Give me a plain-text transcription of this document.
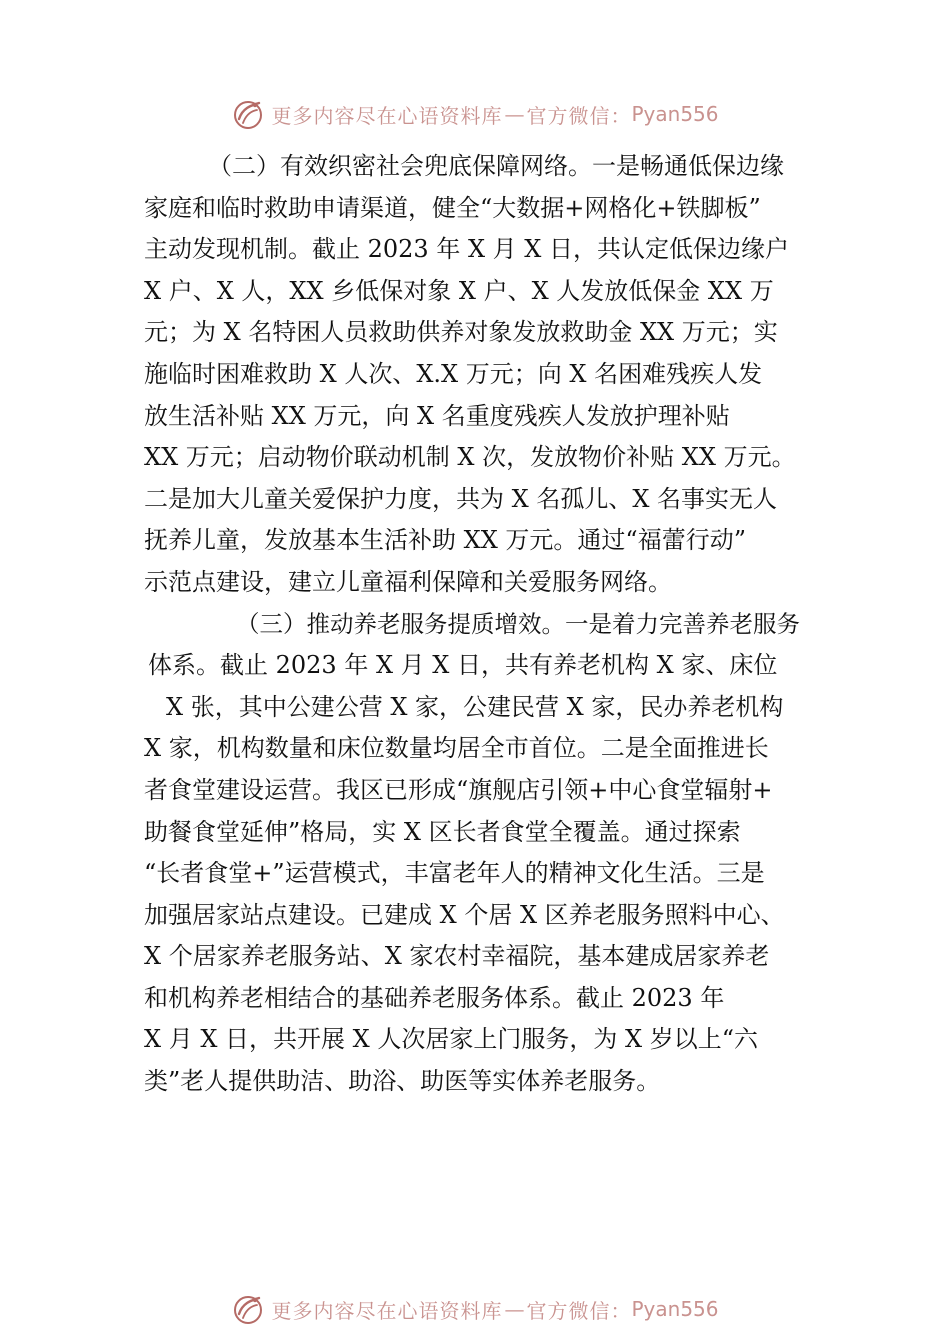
更多内容尽在心语资料库 — 官方微信： Pyan556
（二）有效织密社会兜底保障网络。一是畅通低保边缘
家庭和临时救助申请渠道，健全“大数据+网格化+铁脚板”
主动发现机制。截止 2023 年 X 月 X 日，共认定低保边缘户
X 户、X 人，XX 乡低保对象 X 户、X 人发放低保金 XX 万
元；为 X 名特困人员救助供养对象发放救助金 XX 万元；实
施临时困难救助 X 人次、X.X 万元；向 X 名困难残疾人发
放生活补贴 XX 万元，向 X 名重度残疾人发放护理补贴
XX 万元；启动物价联动机制 X 次，发放物价补贴 XX 万元。
二是加大儿童关爱保护力度，共为 X 名孤儿、X 名事实无人
抚养儿童，发放基本生活补助 XX 万元。通过“福蕾行动”
示范点建设，建立儿童福利保障和关爱服务网络。
（三）推动养老服务提质增效。一是着力完善养老服务
体系。截止 2023 年 X 月 X 日，共有养老机构 X 家、床位
X 张，其中公建公营 X 家，公建民营 X 家，民办养老机构
X 家，机构数量和床位数量均居全市首位。二是全面推进长
者食堂建设运营。我区已形成“旗舰店引领+中心食堂辐射+
助餐食堂延伸”格局，实 X 区长者食堂全覆盖。通过探索
“长者食堂+”运营模式，丰富老年人的精神文化生活。三是
加强居家站点建设。已建成 X 个居 X 区养老服务照料中心、
X 个居家养老服务站、X 家农村幸福院，基本建成居家养老
和机构养老相结合的基础养老服务体系。截止 2023 年
X 月 X 日，共开展 X 人次居家上门服务，为 X 岁以上“六
类”老人提供助洁、助浴、助医等实体养老服务。
更多内容尽在心语资料库 — 官方微信： Pyan556
